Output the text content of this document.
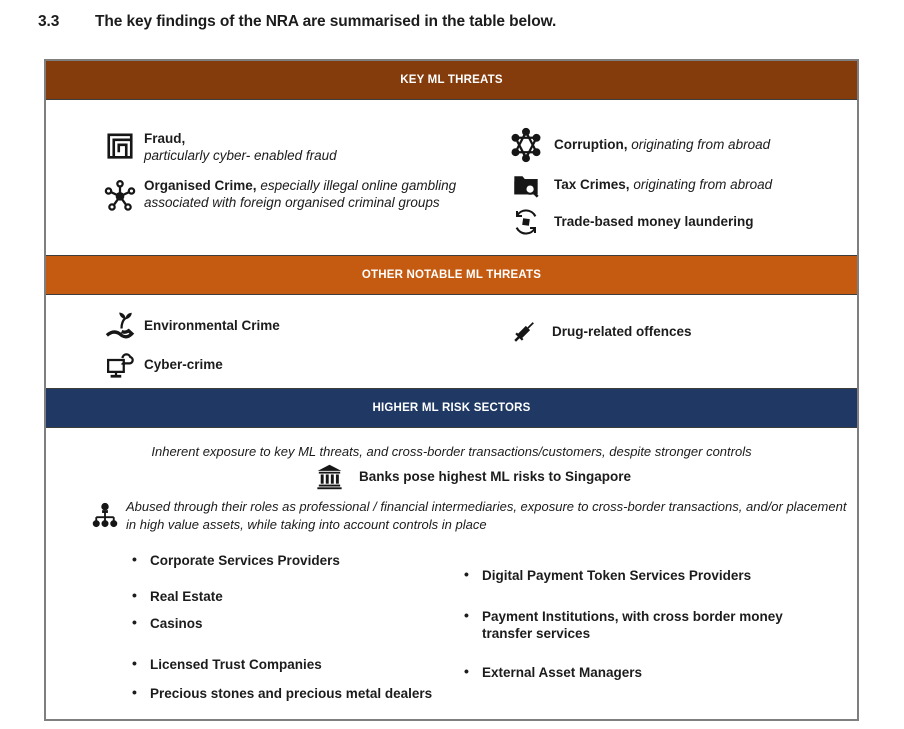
3.3	The key findings of the NRA are summarised in the table below.
KEY ML THREATS
Fraud,
particularly cyber- enabled fraud
Organised Crime, especially illegal online gambling associated with foreign organised criminal groups
Corruption, originating from abroad
Tax Crimes, originating from abroad
Trade-based money laundering
OTHER NOTABLE ML THREATS
Environmental Crime
Cyber-crime
Drug-related offences
HIGHER ML RISK SECTORS
Inherent exposure to key ML threats, and cross-border transactions/customers, despite stronger controls
Banks pose highest ML risks to Singapore
Abused through their roles as professional / financial intermediaries, exposure to cross-border transactions, and/or placement in high value assets, while taking into account controls in place
• Corporate Services Providers
• Real Estate
• Casinos
• Licensed Trust Companies
• Precious stones and precious metal dealers
• Digital Payment Token Services Providers
• Payment Institutions, with cross border money transfer services
• External Asset Managers
